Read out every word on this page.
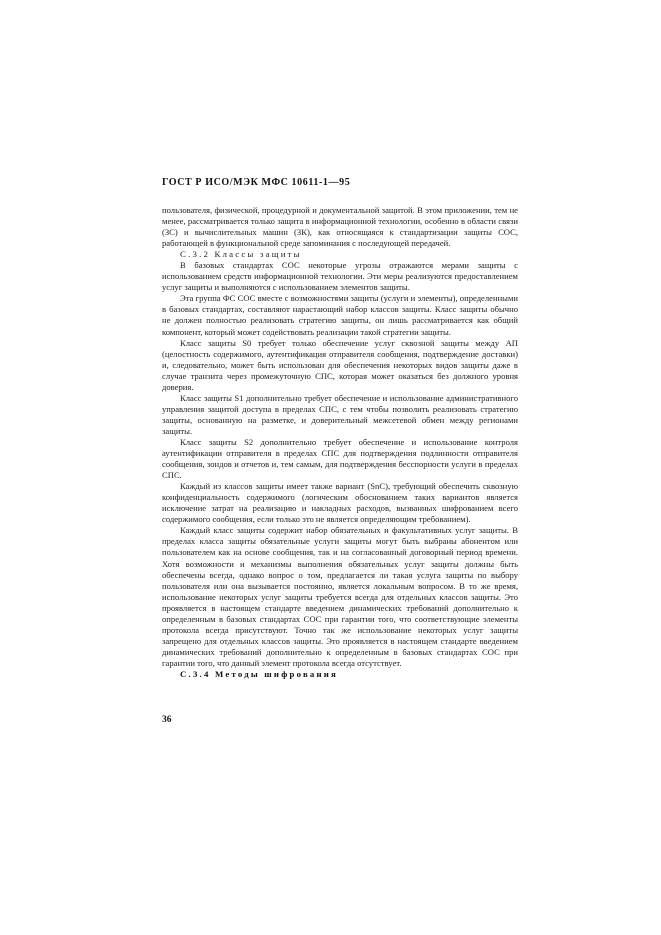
ГОСТ Р ИСО/МЭК МФС 10611-1—95

пользователя, физической, процедурной и документальной защитой. В этом приложении, тем не менее, рассматривается только защита в информационной технологии, особенно в области связи (ЗС) и вычислительных машин (ЗК), как относящаяся к стандартизации защиты СОС, работающей в функциональной среде запоминания с последующей передачей.

С.3.2 Классы защиты

В базовых стандартах СОС некоторые угрозы отражаются мерами защиты с использованием средств информационной технологии. Эти меры реализуются предоставлением услуг защиты и выполняются с использованием элементов защиты.

Эта группа ФС СОС вместе с возможностями защиты (услуги и элементы), определенными в базовых стандартах, составляют нарастающий набор классов защиты. Класс защиты обычно не должен полностью реализовать стратегию защиты, он лишь рассматривается как общий компонент, который может содействовать реализации такой стратегии защиты.

Класс защиты S0 требует только обеспечение услуг сквозной защиты между АП (целостность содержимого, аутентификация отправителя сообщения, подтверждение доставки) и, следовательно, может быть использован для обеспечения некоторых видов защиты даже в случае транзита через промежуточную СПС, которая может оказаться без должного уровня доверия.

Класс защиты S1 дополнительно требует обеспечение и использование административного управления защитой доступа в пределах СПС, с тем чтобы позволить реализовать стратегию защиты, основанную на разметке, и доверительный межсетевой обмен между регионами защиты.

Класс защиты S2 дополнительно требует обеспечение и использование контроля аутентификации отправителя в пределах СПС для подтверждения подлинности отправителя сообщения, зондов и отчетов и, тем самым, для подтверждения бесспорности услуги в пределах СПС.

Каждый из классов защиты имеет также вариант (SnC), требующий обеспечить сквозную конфиденциальность содержимого (логическим обоснованием таких вариантов является исключение затрат на реализацию и накладных расходов, вызванных шифрованием всего содержимого сообщения, если только это не является определяющим требованием).

Каждый класс защиты содержит набор обязательных и факультативных услуг защиты. В пределах класса защиты обязательные услуги защиты могут быть выбраны абонентом или пользователем как на основе сообщения, так и на согласованный договорный период времени. Хотя возможности и механизмы выполнения обязательных услуг защиты должны быть обеспечены всегда, однако вопрос о том, предлагается ли такая услуга защиты по выбору пользователя или она вызывается постоянно, является локальным вопросом. В то же время, использование некоторых услуг защиты требуется всегда для отдельных классов защиты. Это проявляется в настоящем стандарте введением динамических требований дополнительно к определенным в базовых стандартах СОС при гарантии того, что соответствующие элементы протокола всегда присутствуют. Точно так же использование некоторых услуг защиты запрещено для отдельных классов защиты. Это проявляется в настоящем стандарте введением динамических требований дополнительно к определенным в базовых стандартах СОС при гарантии того, что данный элемент протокола всегда отсутствует.

С.3.4 Методы шифрования

36
